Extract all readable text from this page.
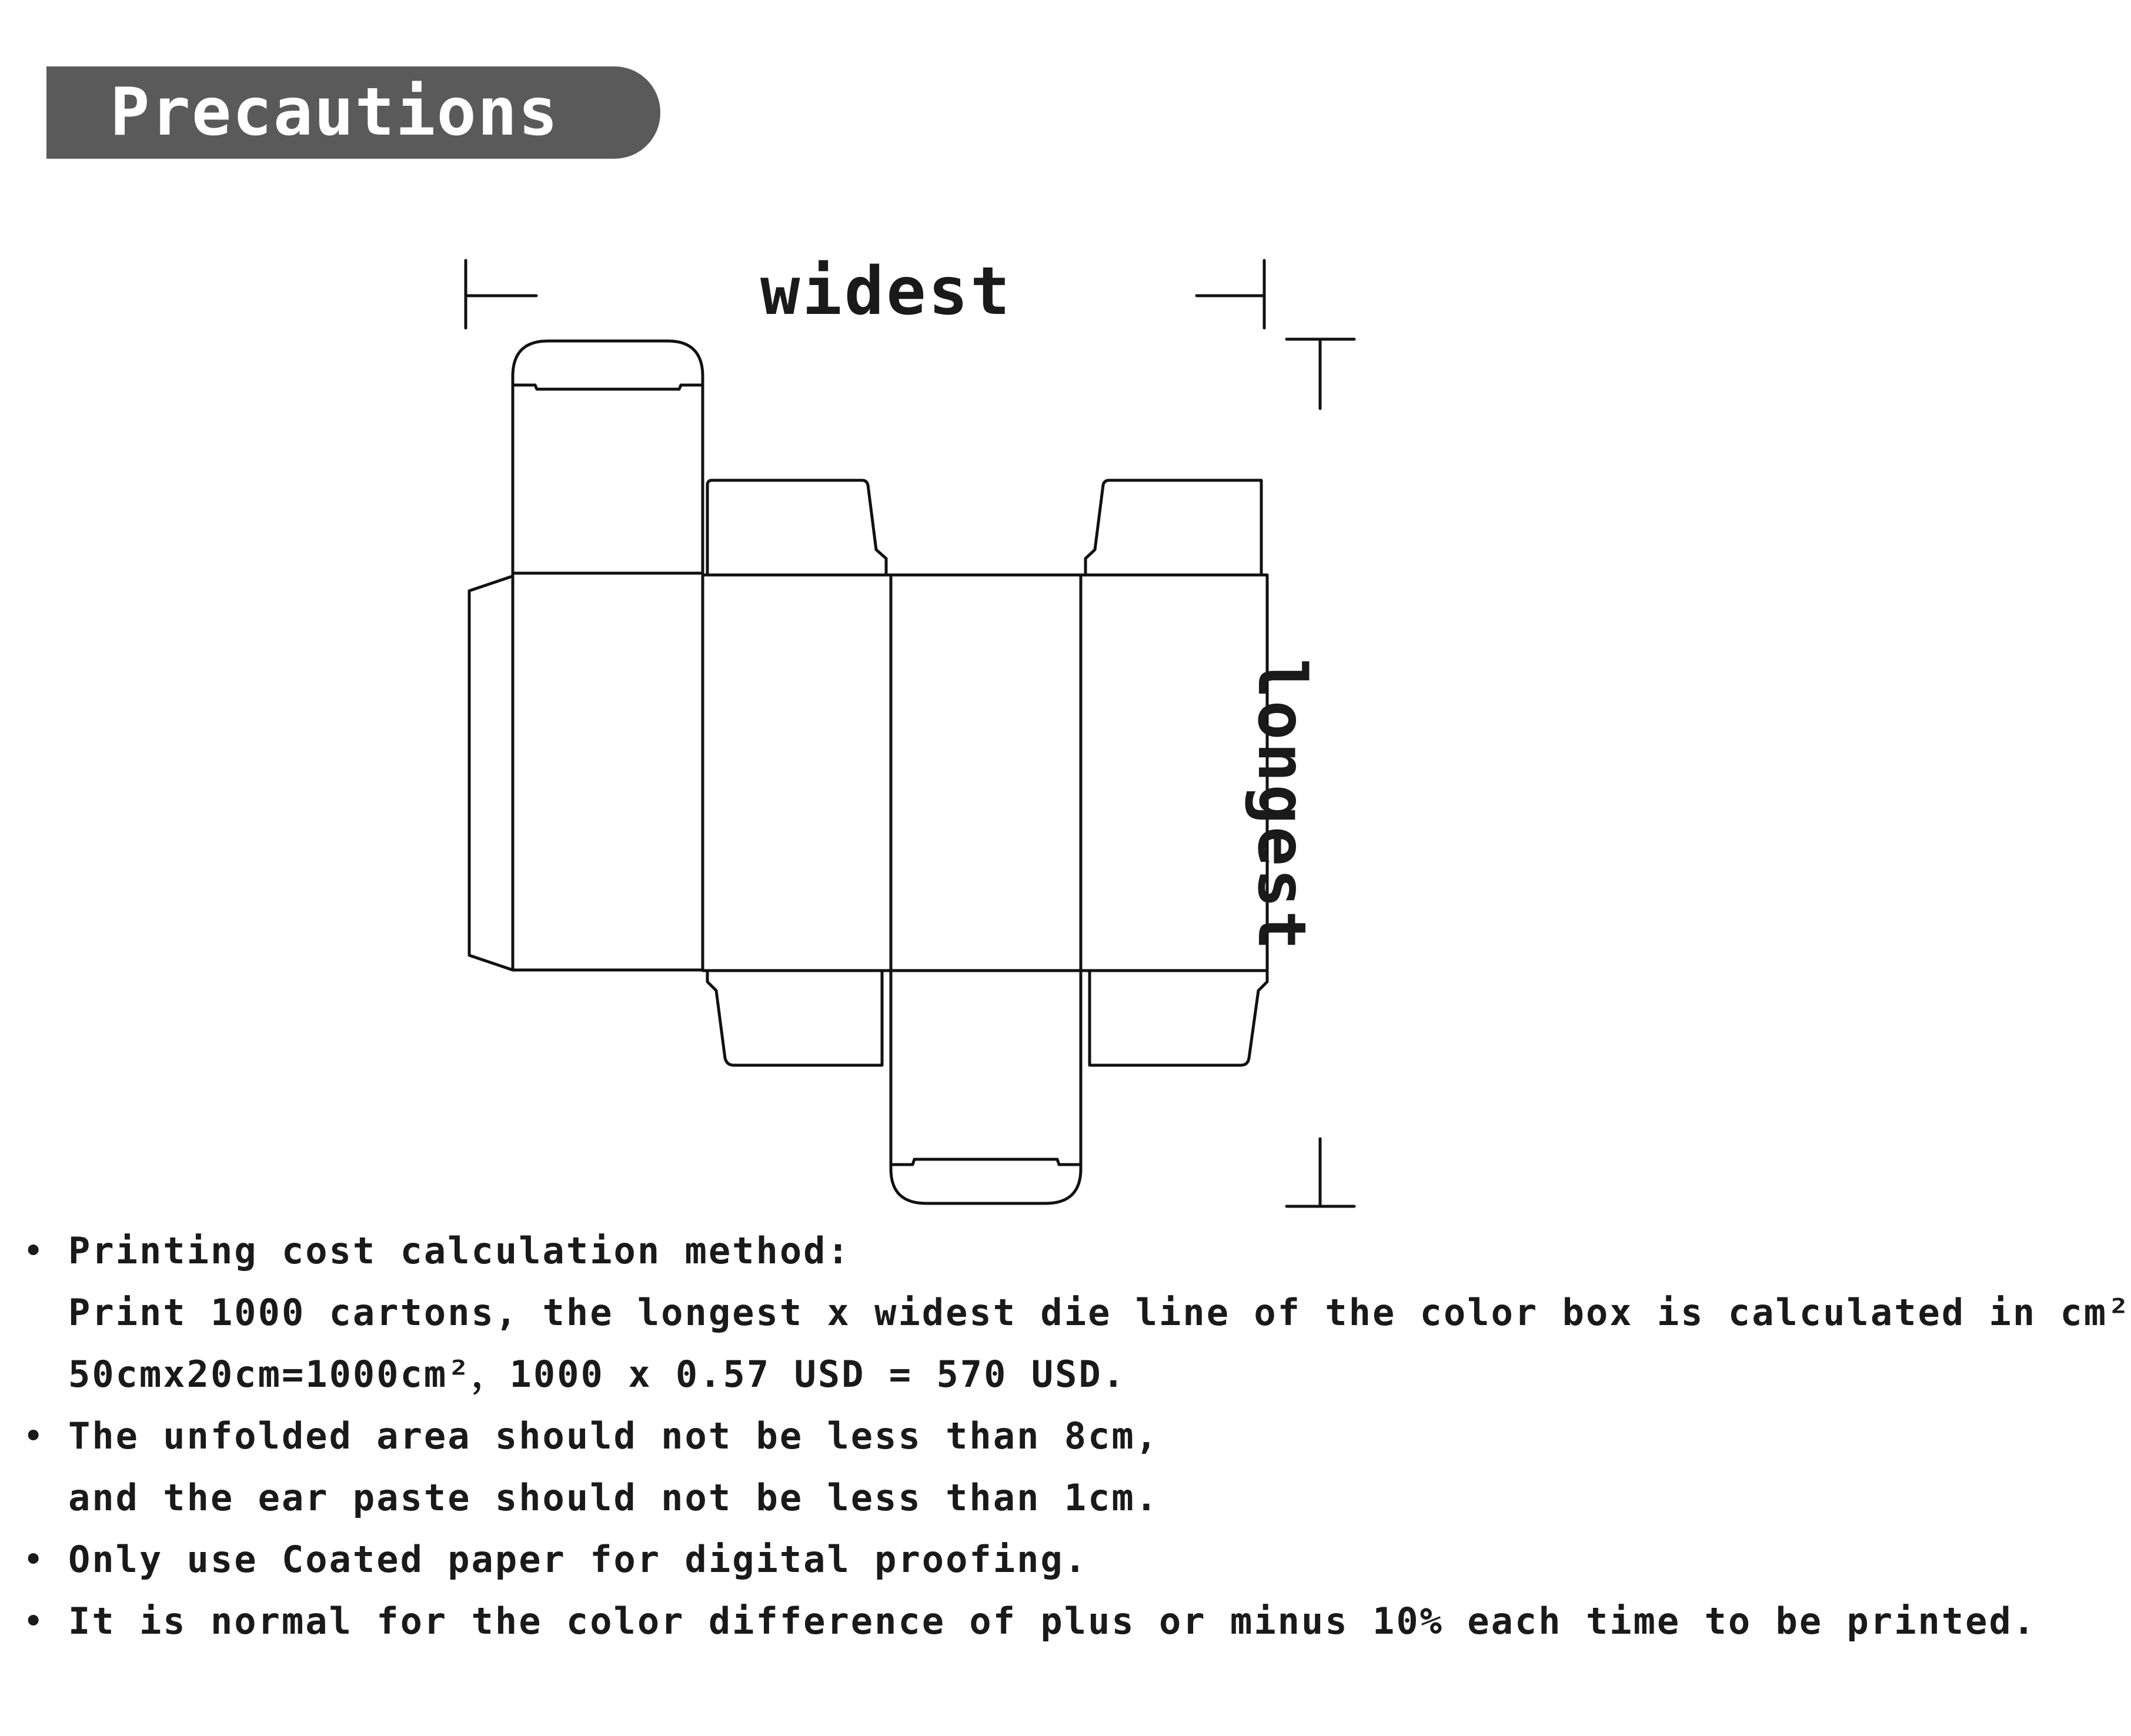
Precautions
widest
longest
• Printing cost calculation method:
Print 1000 cartons, the longest x widest die line of the color box is calculated in cm²
50cmx20cm=1000cm²，1000 x 0.57 USD = 570 USD.
• The unfolded area should not be less than 8cm,
and the ear paste should not be less than 1cm.
• Only use Coated paper for digital proofing.
• It is normal for the color difference of plus or minus 10% each time to be printed.
